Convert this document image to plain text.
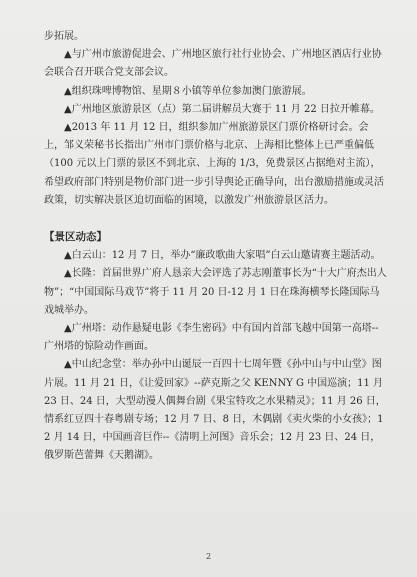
步拓展。

▲与广州市旅游促进会、广州地区旅行社行业协会、广州地区酒店行业协会联合召开联合党支部会议。

▲组织珠啤博物馆、星期８小镇等单位参加澳门旅游展。

▲广州地区旅游景区（点）第二届讲解员大赛于 11 月 22 日拉开帷幕。

▲2013 年 11 月 12 日，组织参加广州旅游景区门票价格研讨会。会上，邹义荣秘书长指出广州市门票价格与北京、上海相比整体上已严重偏低（100 元以上门票的景区不到北京、上海的 1/3，免费景区占据绝对主流），希望政府部门特别是物价部门进一步引导舆论正确导向，出台激励措施或灵活政策，切实解决景区迫切面临的困境，以激发广州旅游景区活力。

【景区动态】

▲白云山：12 月 7 日，举办“廉政歌曲大家唱”白云山邀请赛主题活动。

▲长隆：首届世界广府人恳亲大会评选了苏志刚董事长为“十大广府杰出人物”；“中国国际马戏节”将于 11 月 20 日-12 月 1 日在珠海横琴长隆国际马戏城举办。

▲广州塔：动作悬疑电影《李生密码》中有国内首部飞越中国第一高塔--广州塔的惊险动作画面。

▲中山纪念堂：举办孙中山诞辰一百四十七周年暨《孙中山与中山堂》图片展。11 月 21 日，《让爱回家》--萨克斯之父 KENNY G 中国巡演；11 月 23 日、24 日，大型动漫人偶舞台剧《果宝特攻之水果精灵》；11 月 26 日，情系红豆四十春粤剧专场；12 月 7 日、8 日，木偶剧《卖火柴的小女孩》；12 月 14 日，中国画音巨作--《清明上河图》音乐会；12 月 23 日、24 日，俄罗斯芭蕾舞《天鹅湖》。

2
